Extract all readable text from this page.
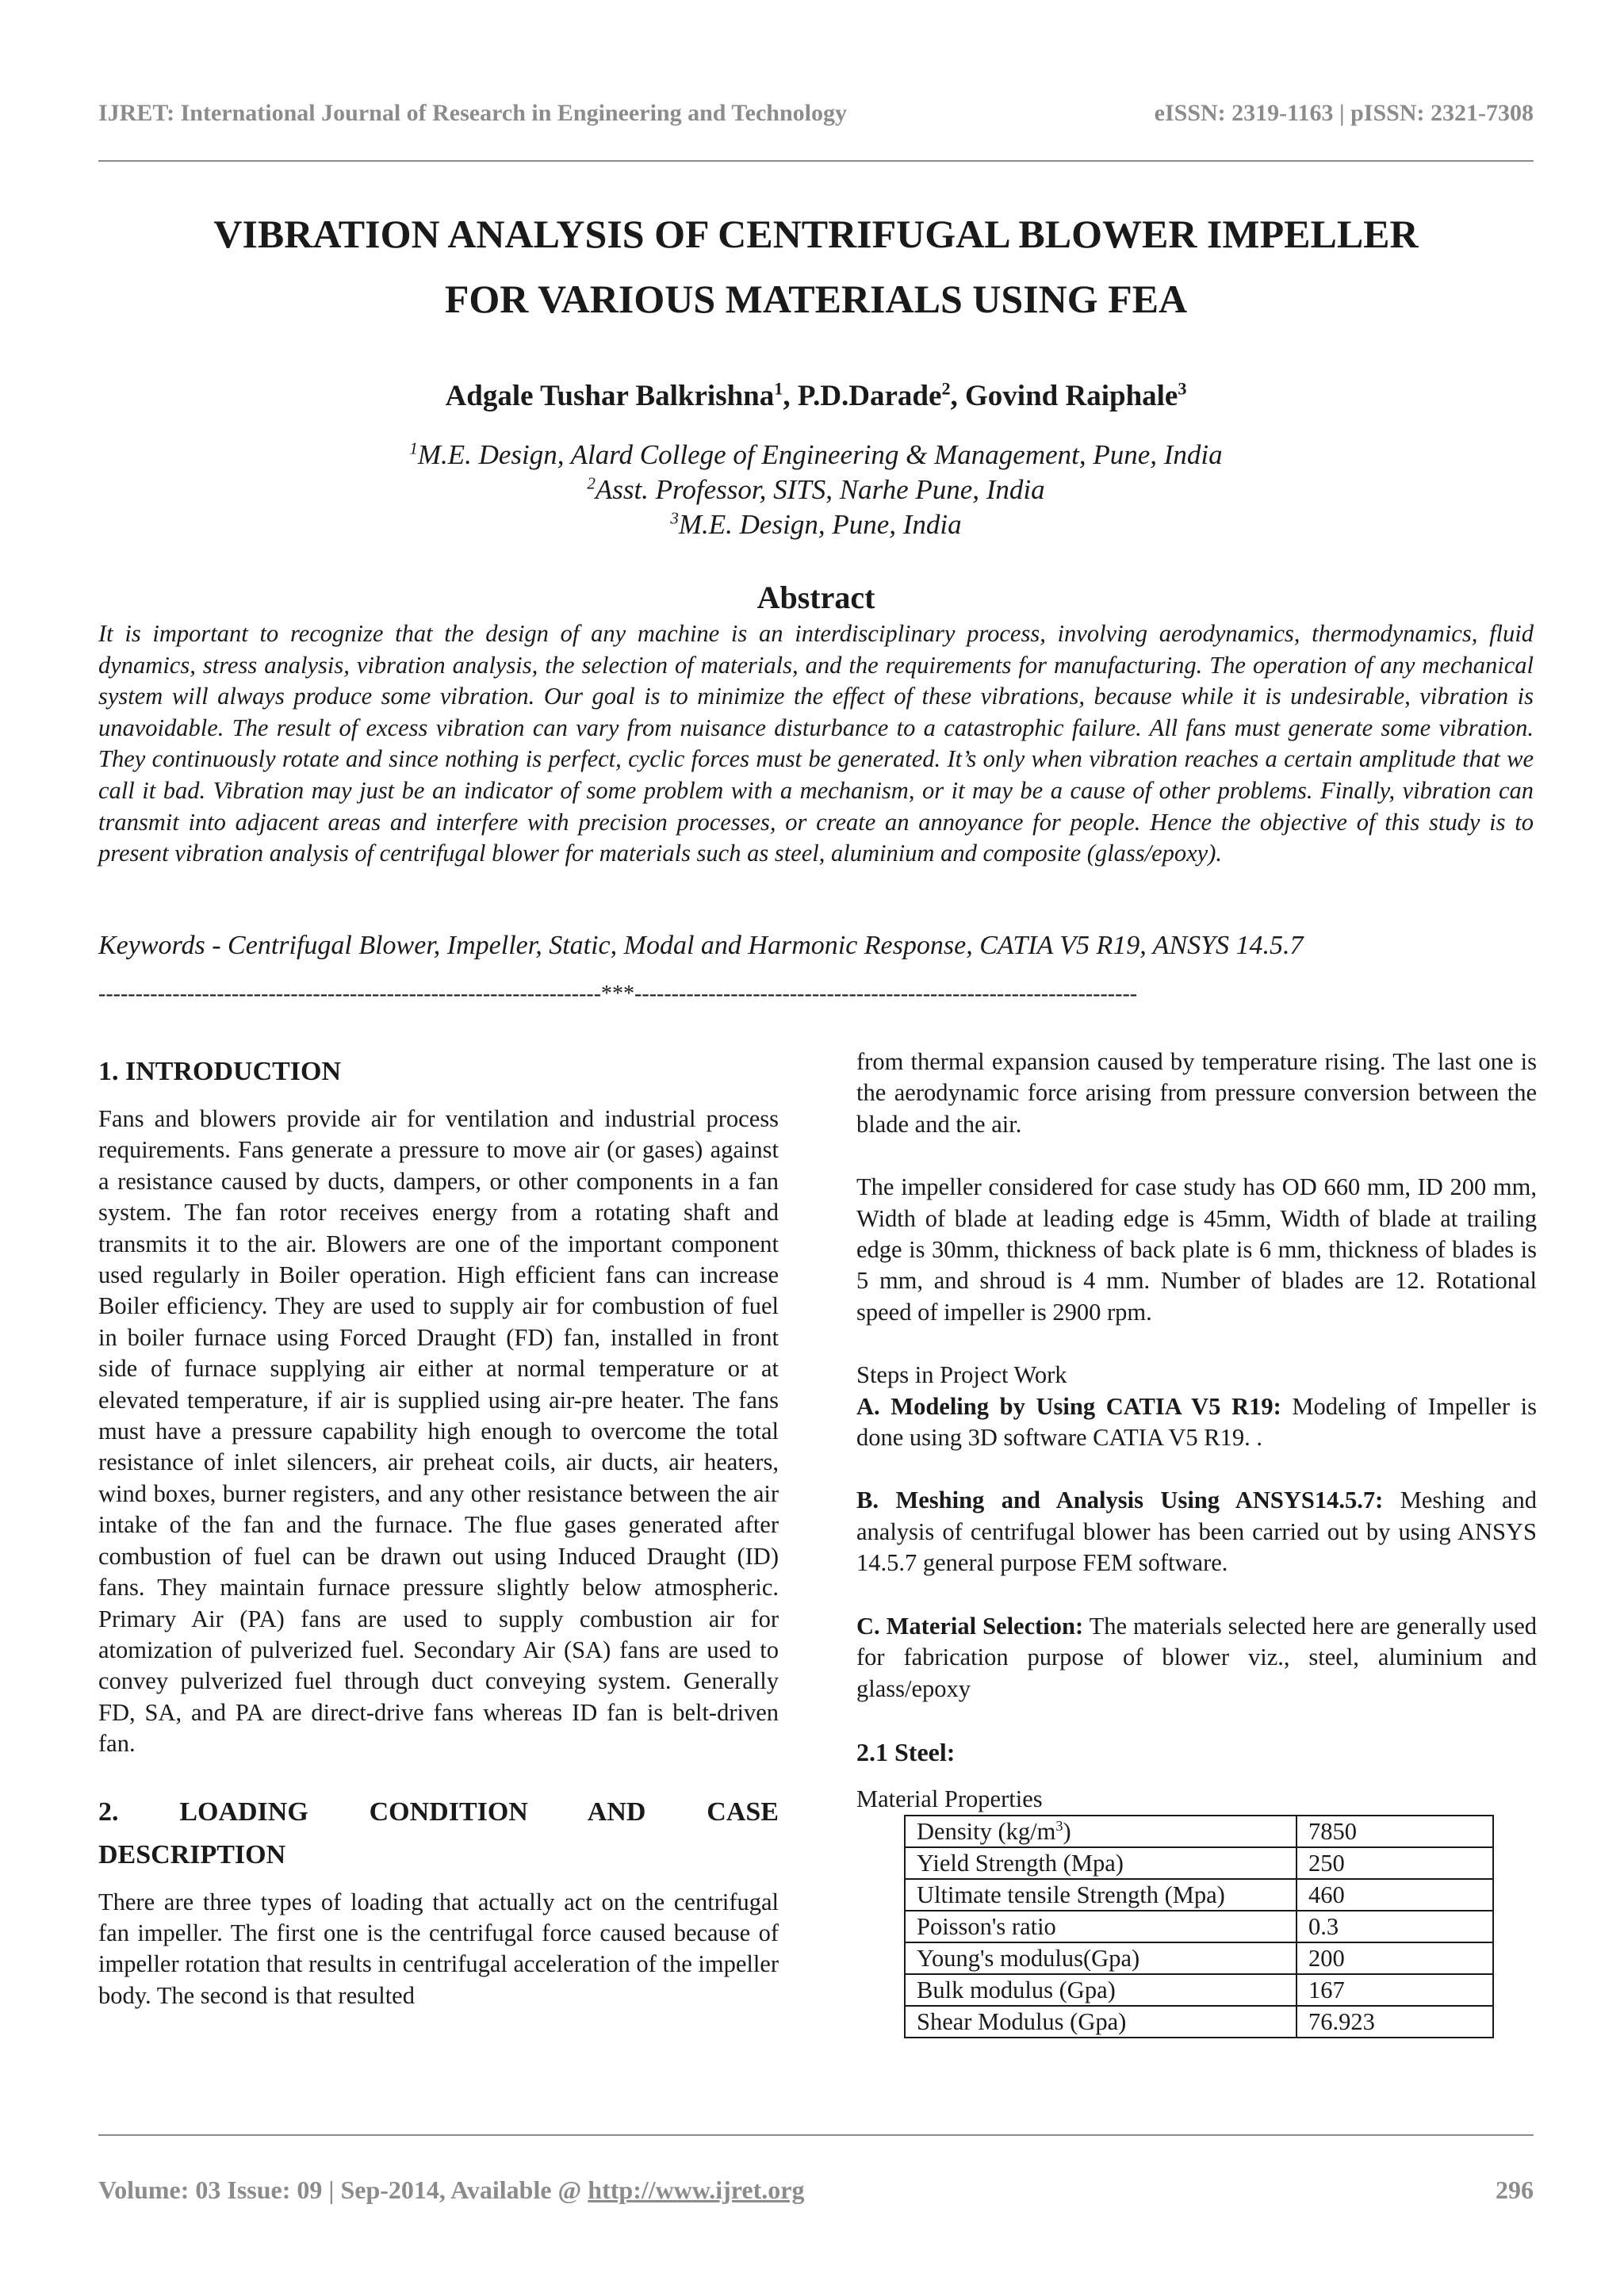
IJRET: International Journal of Research in Engineering and Technology	eISSN: 2319-1163 | pISSN: 2321-7308
VIBRATION ANALYSIS OF CENTRIFUGAL BLOWER IMPELLER
FOR VARIOUS MATERIALS USING FEA
Adgale Tushar Balkrishna$^1$, P.D.Darade$^2$, Govind Raiphale$^3$
$^1$M.E. Design, Alard College of Engineering & Management, Pune, India
$^2$Asst. Professor, SITS, Narhe Pune, India
$^3$M.E. Design, Pune, India
Abstract
It is important to recognize that the design of any machine is an interdisciplinary process, involving aerodynamics, thermodynamics, fluid dynamics, stress analysis, vibration analysis, the selection of materials, and the requirements for manufacturing. The operation of any mechanical system will always produce some vibration. Our goal is to minimize the effect of these vibrations, because while it is undesirable, vibration is unavoidable. The result of excess vibration can vary from nuisance disturbance to a catastrophic failure. All fans must generate some vibration. They continuously rotate and since nothing is perfect, cyclic forces must be generated. It’s only when vibration reaches a certain amplitude that we call it bad. Vibration may just be an indicator of some problem with a mechanism, or it may be a cause of other problems. Finally, vibration can transmit into adjacent areas and interfere with precision processes, or create an annoyance for people. Hence the objective of this study is to present vibration analysis of centrifugal blower for materials such as steel, aluminium and composite (glass/epoxy).
Keywords - Centrifugal Blower, Impeller, Static, Modal and Harmonic Response, CATIA V5 R19, ANSYS 14.5.7
--------------------------------------------------------------------***--------------------------------------------------------------------
1. INTRODUCTION

Fans and blowers provide air for ventilation and industrial process requirements. Fans generate a pressure to move air (or gases) against a resistance caused by ducts, dampers, or other components in a fan system. The fan rotor receives energy from a rotating shaft and transmits it to the air. Blowers are one of the important component used regularly in Boiler operation. High efficient fans can increase Boiler efficiency. They are used to supply air for combustion of fuel in boiler furnace using Forced Draught (FD) fan, installed in front side of furnace supplying air either at normal temperature or at elevated temperature, if air is supplied using air-pre heater. The fans must have a pressure capability high enough to overcome the total resistance of inlet silencers, air preheat coils, air ducts, air heaters, wind boxes, burner registers, and any other resistance between the air intake of the fan and the furnace. The flue gases generated after combustion of fuel can be drawn out using Induced Draught (ID) fans. They maintain furnace pressure slightly below atmospheric. Primary Air (PA) fans are used to supply combustion air for atomization of pulverized fuel. Secondary Air (SA) fans are used to convey pulverized fuel through duct conveying system. Generally FD, SA, and PA are direct-drive fans whereas ID fan is belt-driven fan.

2. LOADING CONDITION AND CASE
DESCRIPTION

There are three types of loading that actually act on the centrifugal fan impeller. The first one is the centrifugal force caused because of impeller rotation that results in centrifugal acceleration of the impeller body. The second is that resulted

from thermal expansion caused by temperature rising. The last one is the aerodynamic force arising from pressure conversion between the blade and the air.

The impeller considered for case study has OD 660 mm, ID 200 mm, Width of blade at leading edge is 45mm, Width of blade at trailing edge is 30mm, thickness of back plate is 6 mm, thickness of blades is 5 mm, and shroud is 4 mm. Number of blades are 12. Rotational speed of impeller is 2900 rpm.

Steps in Project Work
A. Modeling by Using CATIA V5 R19: Modeling of Impeller is done using 3D software CATIA V5 R19. .

B. Meshing and Analysis Using ANSYS14.5.7: Meshing and analysis of centrifugal blower has been carried out by using ANSYS 14.5.7 general purpose FEM software.

C. Material Selection: The materials selected here are generally used for fabrication purpose of blower viz., steel, aluminium and glass/epoxy

2.1 Steel:
Material Properties
Density $(kg/m^3)$	7850
Yield Strength (Mpa)	250
Ultimate tensile Strength (Mpa)	460
Poisson's ratio	0.3
Young's modulus(Gpa)	200
Bulk modulus (Gpa)	167
Shear Modulus (Gpa)	76.923
Volume: 03 Issue: 09 | Sep-2014, Available @ http://www.ijret.org	296
